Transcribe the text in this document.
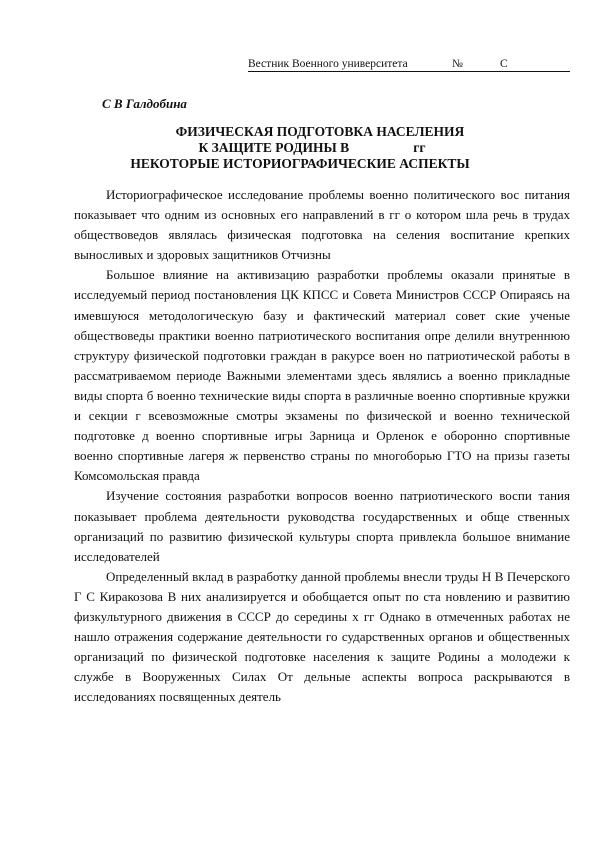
Вестник Военного университета	№	С
С В Галдобина
ФИЗИЧЕСКАЯ ПОДГОТОВКА НАСЕЛЕНИЯ
К ЗАЩИТЕ РОДИНЫ В                   гг
НЕКОТОРЫЕ ИСТОРИОГРАФИЧЕСКИЕ АСПЕКТЫ

Историографическое исследование проблемы военно политического вос питания показывает что одним из основных его направлений в гг о котором шла речь в трудах обществоведов являлась физическая подготовка на селения воспитание крепких выносливых и здоровых защитников Отчизны

Большое влияние на активизацию разработки проблемы оказали принятые в исследуемый период постановления ЦК КПСС и Совета Министров СССР Опираясь на имевшуюся методологическую базу и фактический материал совет ские ученые обществоведы практики военно патриотического воспитания опре делили внутреннюю структуру физической подготовки граждан в ракурсе воен но патриотической работы в рассматриваемом периоде Важными элементами здесь являлись а военно прикладные виды спорта б военно технические виды спорта в различные военно спортивные кружки и секции г всевозможные смотры экзамены по физической и военно технической подготовке д военно спортивные игры Зарница и Орленок е оборонно спортивные военно спортивные лагеря ж первенство страны по многоборью ГТО на призы газеты Комсомольская правда

Изучение состояния разработки вопросов военно патриотического воспи тания показывает проблема деятельности руководства государственных и обще ственных организаций по развитию физической культуры спорта привлекла большое внимание исследователей

Определенный вклад в разработку данной проблемы внесли труды Н В Печерского Г С Киракозова В них анализируется и обобщается опыт по ста новлению и развитию физкультурного движения в СССР до середины х гг Однако в отмеченных работах не нашло отражения содержание деятельности го сударственных органов и общественных организаций по физической подготовке населения к защите Родины а молодежи к службе в Вооруженных Силах От дельные аспекты вопроса раскрываются в исследованиях посвященных деятель
